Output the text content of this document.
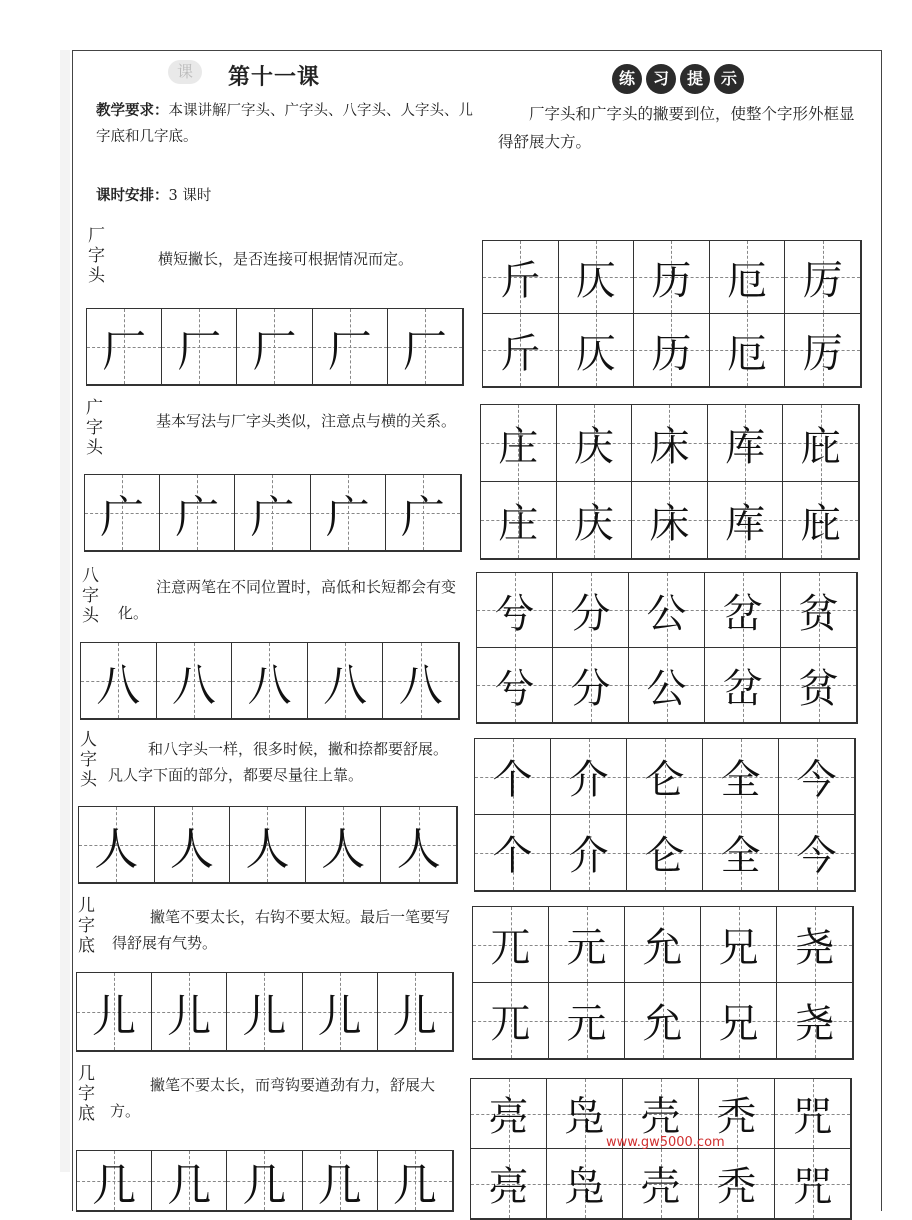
课	第十一课
教学要求：本课讲解厂字头、广字头、八字头、人字头、儿字底和几字底。
课时安排：3 课时
练	习	提	示
厂字头和广字头的撇要到位，使整个字形外框显得舒展大方。
厂
字
头
横短撇长，是否连接可根据情况而定。
厂 厂 厂 厂 厂
斤 仄 历 厄 厉
斤 仄 历 厄 厉
广
字
头
基本写法与厂字头类似，注意点与横的关系。
广 广 广 广 广
庄 庆 床 库 庇
庄 庆 床 库 庇
八
字
头
注意两笔在不同位置时，高低和长短都会有变化。
八 八 八 八 八
兮 分 公 岔 贫
兮 分 公 岔 贫
人
字
头
和八字头一样，很多时候，撇和捺都要舒展。凡人字下面的部分，都要尽量往上靠。
人 人 人 人 人
个 介 仑 全 今
个 介 仑 全 今
儿
字
底
撇笔不要太长，右钩不要太短。最后一笔要写得舒展有气势。
儿 儿 儿 儿 儿
兀 元 允 兄 尧
兀 元 允 兄 尧
几
字
底
撇笔不要太长，而弯钩要遒劲有力，舒展大方。
几 几 几 几 几
亮 凫 壳 秃 咒
亮 凫 壳 秃 咒
www.gw5000.com
